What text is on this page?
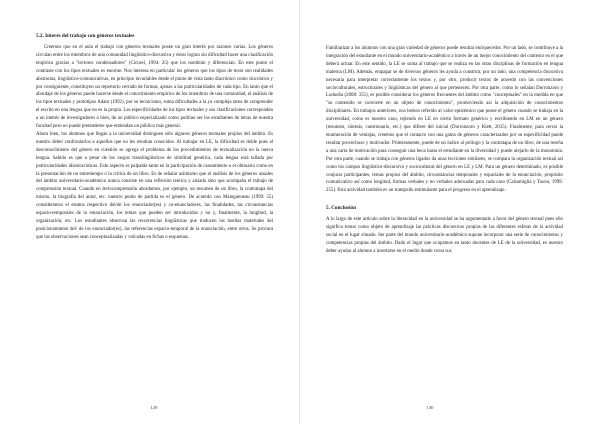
5.2. Interés del trabajo con géneros textuales

Creemos que en el aula el trabajo con géneros textuales posee un gran interés por razones varias. Los géneros circulan entre los miembros de una comunidad lingüístico-discursiva y éstos logran sin dificultad hacer una clasificación empírica gracias a "lectores condensadores" (Cicurel, 1994: 25) que los nombran y diferencian. En este punto el contraste con los tipos textuales es enorme. Nos interesa en particular los géneros que los tipos de texto son realidades abstractas, lingüístico-comunicativas, en principio invariables desde el punto de vista tanto diacrónico como sincrónico y por consiguiente, constituyen un repertorio cerrado de formas, ajenas a las particularidades de cada tipo. En tanto que el abordaje de los géneros puede hacerse desde el conocimiento empírico de los miembros de una comunidad, el análisis de los tipos textuales y prototipos Adam (1992), por su tecnicismo, suma dificultades a la ya compleja tarea de comprender el escrito en una lengua que no es la propia. Las especificidades de los tipos textuales y sus clasificaciones corresponden a un interés de investigadores o bien, de un público especializado como podrían ser los estudiantes de letras de nuestra facultad pero no puede pretenderse que entiendan un público más general.

Ahora bien, los alumnos que llegan a la universidad distinguen sólo algunos géneros textuales propios del ámbito. Es nuestro deber confrontarlos a aquellos que no les resultan conocidos. Al trabajar en LE, la dificultad es doble pues al desconocimiento del género en cuestión se agrega el problema de los procedimientos de textualización en la nueva lengua. Sabido es que a pesar de los rasgos translingüísticos de similitud genérica, cada lengua está tallada por particularidades idiosincrásicas. Este aspecto es palpable tanto en la participación de caseamiento o el obituario como en la presentación de un entretiempo o la crítica de un libro. Es de señalar asimismo que el análisis de los géneros usuales del ámbito universitario-académico nunca consiste en una reflexión teórica y aislada sino que acompaña el trabajo de comprensión textual. Cuando en lectocomprensión abordamos, por ejemplo, un resumen de un libro, la contratapa del mismo, la biografía del autor, etc. nuestro punto de partida es el género. De acuerdo con Maingueneau (1999: 55) consideramos el estatus respectivo del/de los enunciador(es) y co-enunciadores, las finalidades, las circunstancias espacio-temporales de la enunciación, los temas que pueden ser introducidos y no y, finalmente, la longitud, la organización, etc. Los estudiantes observan las recurrencias lingüísticas que traducen las huellas materiales del posicionamiento del/ de los enunciador(es), las referencias espacio-temporal de la enunciación, entre otros. Se procura que las observaciones sean conceptualizadas y volcadas en fichas o esquemas.

129

Familiarizar a los alumnos con una gran variedad de géneros puede resultar enriquecedor. Por un lado, se contribuye a la integración del estudiante en el mundo universitario-académico a través de un mejor conocimiento del contexto en el que deberá actuar. En este sentido, la LE se suma al trabajo que se realiza en las otras disciplinas de formación en lengua materna (LM). Además, empapar se de diversos géneros les ayuda a construir, por un lado, una competencia discursiva necesaria para interpretar correctamente los textos y, por otro, producir textos de acuerdo con las convenciones socioculturales, estructurales y lingüísticas del género al que pertenecen. Por otra parte, como lo señalan Dorronzoro y Ludueña (2008: 355), es posible considerar los géneros frecuentes del ámbito como "conceptuales" en la medida en que "su contenido se convierte en un objeto de conocimiento", promoviendo así la adquisición de conocimientos disciplinares. En trabajos anteriores, nos hemos referido al valor epistémico que posee el género cuando se trabaja en la universidad, como es nuestro caso, tejiendo en LE en cierto formato genérico y escribiendo en LM en un género (resumen, síntesis, cuestionario, etc.) que difiere del inicial (Dorronzoro y Klett, 2015). Finalmente, para cerrar la enumeración de ventajas, creemos que el contacto con una gama de géneros caracterizados por su especificidad puede resultar provechoso y motivador. Primeramente, puede de un índice al prólogo y la contratapa de un libro, de una reseña a una carta de motivación para conseguir una beca hasta el estudiante en la diversidad y puede alejarlo de la monotonía. Por otra parte, cuando se trabaja con géneros ligados da unas lecciones similares, se compara la organización textual así como los campos lingüístico-discursivo y sociocultural del género en LE y LM. Para un género determinado, es posible conjurar participantes, temas propios del ámbito, circunstancias temporales y espaciales de la enunciación, propósito comunicativo así como longitud, formas verbales y no verbales adecuadas para cada caso (Calsamiglia y Tusón, 1999: 255). Esta actividad también es un trampolín estimulante para el progreso en el aprendizaje.

5. Conclusión

A lo largo de este artículo sobre la literacidad en la universidad se ha argumentado a favor del género textual pues ello significa tomar como objeto de aprendizaje las prácticas discursivas propias de las diferentes esferas de la actividad social en el lugar situado. Ser parte del mundo universitario-académico supone incorporar una serie de conocimientos y competencias propias del ámbito. Dado el lugar que ocupamos en tanto docentes de LE de la universidad, es nuestro deber ayudar al alumno a insertarse en el medio donde cursa sus

130
